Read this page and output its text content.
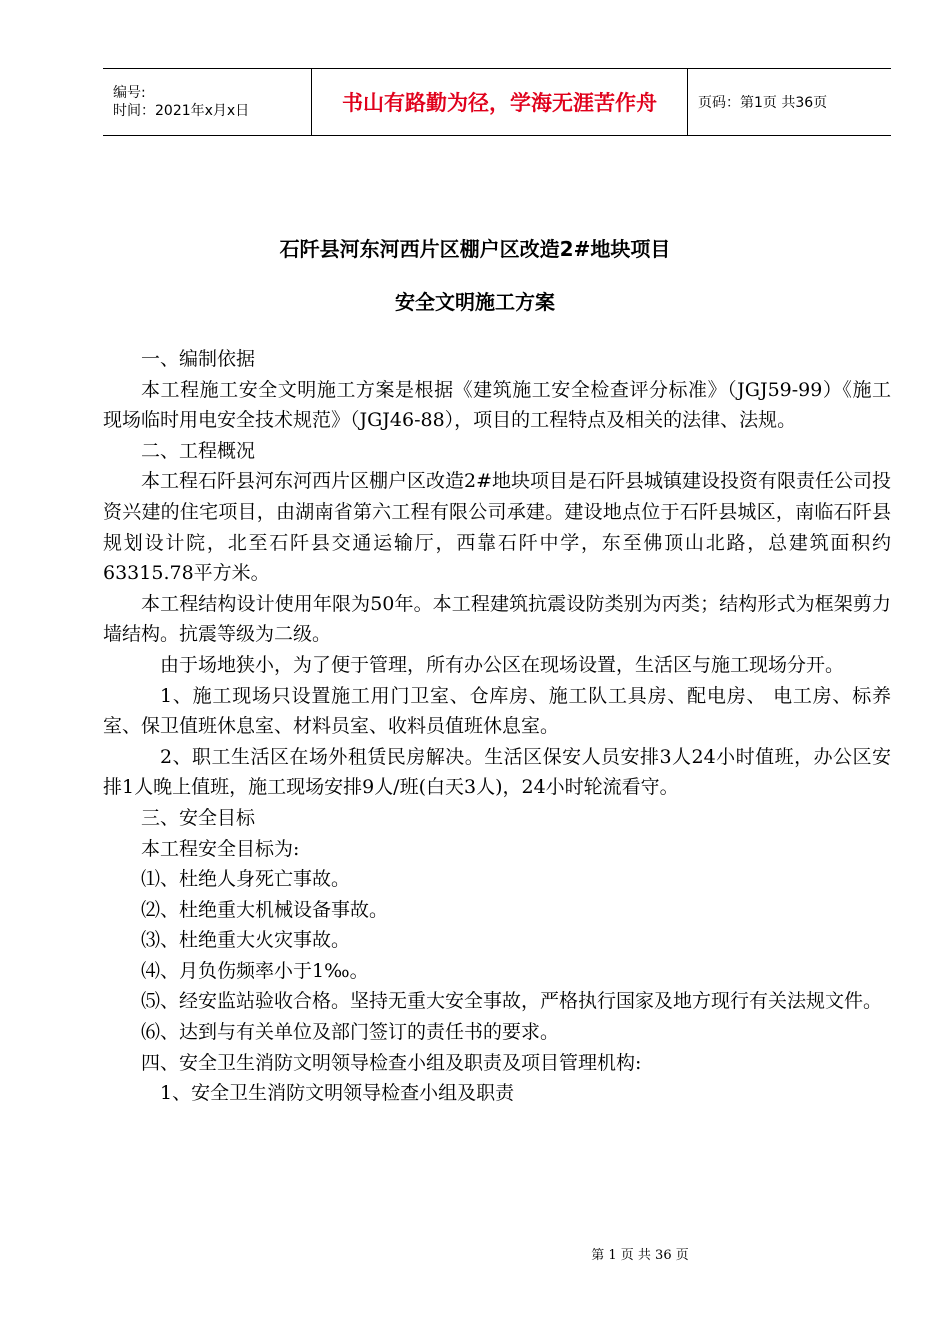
编号:
时间：2021年x月x日	书山有路勤为径，学海无涯苦作舟	页码：第1页 共36页
石阡县河东河西片区棚户区改造2#地块项目
安全文明施工方案

一、编制依据

本工程施工安全文明施工方案是根据《建筑施工安全检查评分标准》（JGJ59-99）《施工现场临时用电安全技术规范》（JGJ46-88），项目的工程特点及相关的法律、法规。

二、工程概况

本工程石阡县河东河西片区棚户区改造2#地块项目是石阡县城镇建设投资有限责任公司投资兴建的住宅项目，由湖南省第六工程有限公司承建。建设地点位于石阡县城区，南临石阡县规划设计院，北至石阡县交通运输厅，西靠石阡中学，东至佛顶山北路，总建筑面积约63315.78平方米。

本工程结构设计使用年限为50年。本工程建筑抗震设防类别为丙类；结构形式为框架剪力墙结构。抗震等级为二级。

由于场地狭小，为了便于管理，所有办公区在现场设置，生活区与施工现场分开。

1、施工现场只设置施工用门卫室、仓库房、施工队工具房、配电房、 电工房、标养室、保卫值班休息室、材料员室、收料员值班休息室。

2、职工生活区在场外租赁民房解决。生活区保安人员安排3人24小时值班，办公区安排1人晚上值班，施工现场安排9人/班(白天3人)，24小时轮流看守。

三、安全目标

本工程安全目标为:

⑴、杜绝人身死亡事故。

⑵、杜绝重大机械设备事故。

⑶、杜绝重大火灾事故。

⑷、月负伤频率小于1‰。

⑸、经安监站验收合格。坚持无重大安全事故，严格执行国家及地方现行有关法规文件。

⑹、达到与有关单位及部门签订的责任书的要求。

四、安全卫生消防文明领导检查小组及职责及项目管理机构:

1、安全卫生消防文明领导检查小组及职责

第 1 页 共 36 页
